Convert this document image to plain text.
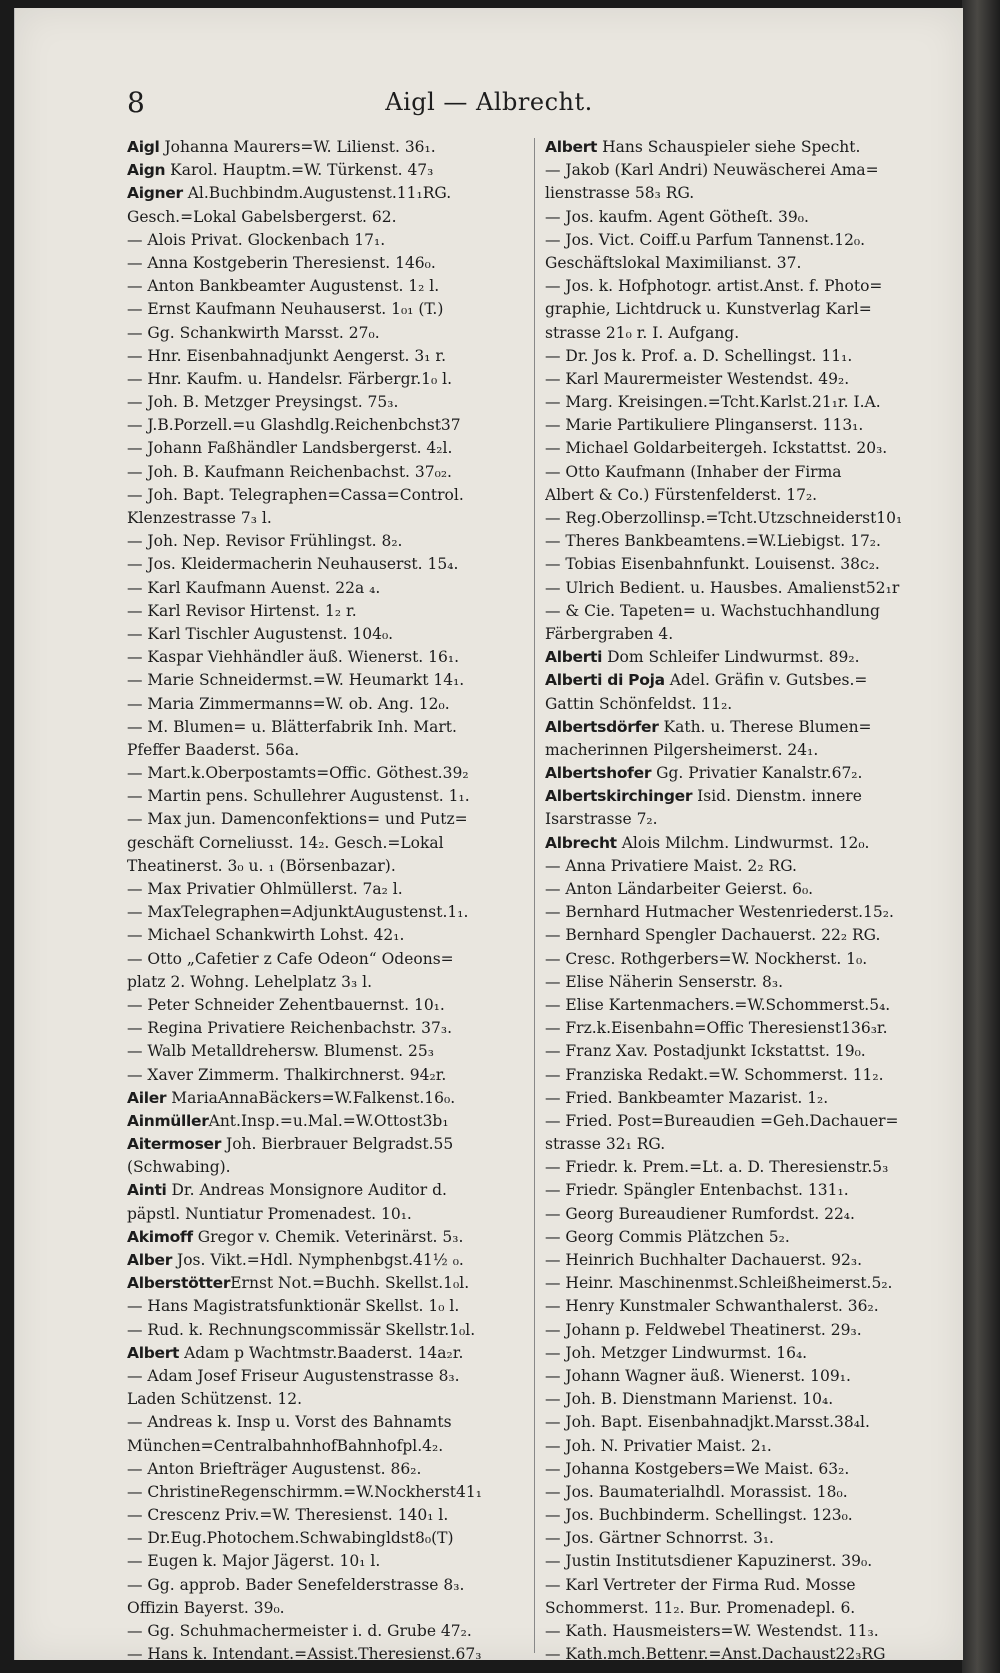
8	Aigl — Albrecht.
Aigl Johanna Maurers=W. Lilienst. 36₁.
Aign Karol. Hauptm.=W. Türkenst. 47₃
Aigner Al.Buchbindm.Augustenst.11₁RG.
Gesch.=Lokal Gabelsbergerst. 62.
— Alois Privat. Glockenbach 17₁.
— Anna Kostgeberin Theresienst. 146₀.
— Anton Bankbeamter Augustenst. 1₂ l.
— Ernst Kaufmann Neuhauserst. 1₀₁ (T.)
— Gg. Schankwirth Marsst. 27₀.
— Hnr. Eisenbahnadjunkt Aengerst. 3₁ r.
— Hnr. Kaufm. u. Handelsr. Färbergr.1₀ l.
— Joh. B. Metzger Preysingst. 75₃.
— J.B.Porzell.=u Glashdlg.Reichenbchst37
— Johann Faßhändler Landsbergerst. 4₂l.
— Joh. B. Kaufmann Reichenbachst. 37₀₂.
— Joh. Bapt. Telegraphen=Cassa=Control.
Klenzestrasse 7₃ l.
— Joh. Nep. Revisor Frühlingst. 8₂.
— Jos. Kleidermacherin Neuhauserst. 15₄.
— Karl Kaufmann Auenst. 22a ₄.
— Karl Revisor Hirtenst. 1₂ r.
— Karl Tischler Augustenst. 104₀.
— Kaspar Viehhändler äuß. Wienerst. 16₁.
— Marie Schneidermst.=W. Heumarkt 14₁.
— Maria Zimmermanns=W. ob. Ang. 12₀.
— M. Blumen= u. Blätterfabrik Inh. Mart.
Pfeffer Baaderst. 56a.
— Mart.k.Oberpostamts=Offic. Göthest.39₂
— Martin pens. Schullehrer Augustenst. 1₁.
— Max jun. Damenconfektions= und Putz=
geschäft Corneliusst. 14₂. Gesch.=Lokal
Theatinerst. 3₀ u. ₁ (Börsenbazar).
— Max Privatier Ohlmüllerst. 7a₂ l.
— MaxTelegraphen=AdjunktAugustenst.1₁.
— Michael Schankwirth Lohst. 42₁.
— Otto „Cafetier z Cafe Odeon“ Odeons=
platz 2. Wohng. Lehelplatz 3₃ l.
— Peter Schneider Zehentbauernst. 10₁.
— Regina Privatiere Reichenbachstr. 37₃.
— Walb Metalldrehersw. Blumenst. 25₃
— Xaver Zimmerm. Thalkirchnerst. 94₂r.
Ailer MariaAnnaBäckers=W.Falkenst.16₀.
AinmüllerAnt.Insp.=u.Mal.=W.Ottost3b₁
Aitermoser Joh. Bierbrauer Belgradst.55
(Schwabing).
Ainti Dr. Andreas Monsignore Auditor d.
päpstl. Nuntiatur Promenadest. 10₁.
Akimoff Gregor v. Chemik. Veterinärst. 5₃.
Alber Jos. Vikt.=Hdl. Nymphenbgst.41½ ₀.
AlberstötterErnst Not.=Buchh. Skellst.1₀l.
— Hans Magistratsfunktionär Skellst. 1₀ l.
— Rud. k. Rechnungscommissär Skellstr.1₀l.
Albert Adam p Wachtmstr.Baaderst. 14a₂r.
— Adam Josef Friseur Augustenstrasse 8₃.
Laden Schützenst. 12.
— Andreas k. Insp u. Vorst des Bahnamts
München=CentralbahnhofBahnhofpl.4₂.
— Anton Briefträger Augustenst. 86₂.
— ChristineRegenschirmm.=W.Nockherst41₁
— Crescenz Priv.=W. Theresienst. 140₁ l.
— Dr.Eug.Photochem.Schwabingldst8₀(T)
— Eugen k. Major Jägerst. 10₁ l.
— Gg. approb. Bader Senefelderstrasse 8₃.
Offizin Bayerst. 39₀.
— Gg. Schuhmachermeister i. d. Grube 47₂.
— Hans k. Intendant.=Assist.Theresienst.67₃
Albert Hans Schauspieler siehe Specht.
— Jakob (Karl Andri) Neuwäscherei Ama=
lienstrasse 58₃ RG.
— Jos. kaufm. Agent Götheſt. 39₀.
— Jos. Vict. Coiff.u Parfum Tannenst.12₀.
Geschäftslokal Maximilianst. 37.
— Jos. k. Hofphotogr. artist.Anst. f. Photo=
graphie, Lichtdruck u. Kunstverlag Karl=
strasse 21₀ r. I. Aufgang.
— Dr. Jos k. Prof. a. D. Schellingst. 11₁.
— Karl Maurermeister Westendst. 49₂.
— Marg. Kreisingen.=Tcht.Karlst.21₁r. I.A.
— Marie Partikuliere Plinganserst. 113₁.
— Michael Goldarbeitergeh. Ickstattst. 20₃.
— Otto Kaufmann (Inhaber der Firma
Albert & Co.) Fürstenfelderst. 17₂.
— Reg.Oberzollinsp.=Tcht.Utzschneiderst10₁
— Theres Bankbeamtens.=W.Liebigst. 17₂.
— Tobias Eisenbahnfunkt. Louisenst. 38c₂.
— Ulrich Bedient. u. Hausbes. Amalienst52₁r
— & Cie. Tapeten= u. Wachstuchhandlung
Färbergraben 4.
Alberti Dom Schleifer Lindwurmst. 89₂.
Alberti di Poja Adel. Gräfin v. Gutsbes.=
Gattin Schönfeldst. 11₂.
Albertsdörfer Kath. u. Therese Blumen=
macherinnen Pilgersheimerst. 24₁.
Albertshofer Gg. Privatier Kanalstr.67₂.
Albertskirchinger Isid. Dienstm. innere
Isarstrasse 7₂.
Albrecht Alois Milchm. Lindwurmst. 12₀.
— Anna Privatiere Maist. 2₂ RG.
— Anton Ländarbeiter Geierst. 6₀.
— Bernhard Hutmacher Westenriederst.15₂.
— Bernhard Spengler Dachauerst. 22₂ RG.
— Cresc. Rothgerbers=W. Nockherst. 1₀.
— Elise Näherin Senserstr. 8₃.
— Elise Kartenmachers.=W.Schommerst.5₄.
— Frz.k.Eisenbahn=Offic Theresienst136₃r.
— Franz Xav. Postadjunkt Ickstattst. 19₀.
— Franziska Redakt.=W. Schommerst. 11₂.
— Fried. Bankbeamter Mazarist. 1₂.
— Fried. Post=Bureaudien =Geh.Dachauer=
strasse 32₁ RG.
— Friedr. k. Prem.=Lt. a. D. Theresienstr.5₃
— Friedr. Spängler Entenbachst. 131₁.
— Georg Bureaudiener Rumfordst. 22₄.
— Georg Commis Plätzchen 5₂.
— Heinrich Buchhalter Dachauerst. 92₃.
— Heinr. Maschinenmst.Schleißheimerst.5₂.
— Henry Kunstmaler Schwanthalerst. 36₂.
— Johann p. Feldwebel Theatinerst. 29₃.
— Joh. Metzger Lindwurmst. 16₄.
— Johann Wagner äuß. Wienerst. 109₁.
— Joh. B. Dienstmann Marienst. 10₄.
— Joh. Bapt. Eisenbahnadjkt.Marsst.38₄l.
— Joh. N. Privatier Maist. 2₁.
— Johanna Kostgebers=We Maist. 63₂.
— Jos. Baumaterialhdl. Morassist. 18₀.
— Jos. Buchbinderm. Schellingst. 123₀.
— Jos. Gärtner Schnorrst. 3₁.
— Justin Institutsdiener Kapuzinerst. 39₀.
— Karl Vertreter der Firma Rud. Mosse
Schommerst. 11₂. Bur. Promenadepl. 6.
— Kath. Hausmeisters=W. Westendst. 11₃.
— Kath.mch.Bettenr.=Anst.Dachaust22₃RG
